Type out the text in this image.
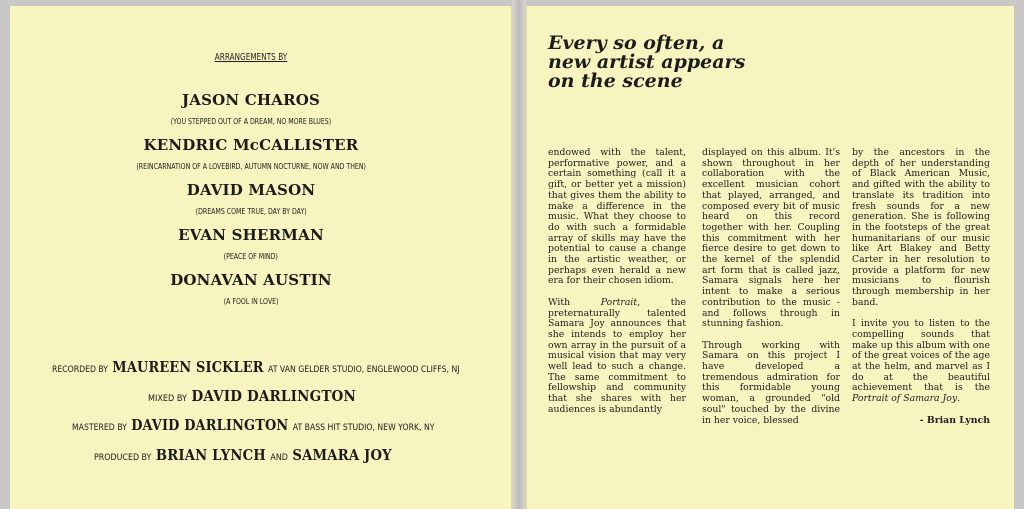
ARRANGEMENTS BY
JASON CHAROS
(YOU STEPPED OUT OF A DREAM, NO MORE BLUES)
KENDRIC McCALLISTER
(REINCARNATION OF A LOVEBIRD, AUTUMN NOCTURNE, NOW AND THEN)
DAVID MASON
(DREAMS COME TRUE, DAY BY DAY)
EVAN SHERMAN
(PEACE OF MIND)
DONAVAN AUSTIN
(A FOOL IN LOVE)
RECORDED BY MAUREEN SICKLER AT VAN GELDER STUDIO, ENGLEWOOD CLIFFS, NJ
MIXED BY DAVID DARLINGTON
MASTERED BY DAVID DARLINGTON AT BASS HIT STUDIO, NEW YORK, NY
PRODUCED BY BRIAN LYNCH AND SAMARA JOY
Every so often, a new artist appears on the scene

endowed with the talent, performative power, and a certain something (call it a gift, or better yet a mission) that gives them the ability to make a difference in the music. What they choose to do with such a formidable array of skills may have the potential to cause a change in the artistic weather, or perhaps even herald a new era for their chosen idiom.

With Portrait, the preternaturally talented Samara Joy announces that she intends to employ her own array in the pursuit of a musical vision that may very well lead to such a change. The same commitment to fellowship and community that she shares with her audiences is abundantly

displayed on this album. It's shown throughout in her collaboration with the excellent musician cohort that played, arranged, and composed every bit of music heard on this record together with her. Coupling this commitment with her fierce desire to get down to the kernel of the splendid art form that is called jazz, Samara signals here her intent to make a serious contribution to the music - and follows through in stunning fashion.

Through working with Samara on this project I have developed a tremendous admiration for this formidable young woman, a grounded "old soul" touched by the divine in her voice, blessed

by the ancestors in the depth of her understanding of Black American Music, and gifted with the ability to translate its tradition into fresh sounds for a new generation. She is following in the footsteps of the great humanitarians of our music like Art Blakey and Betty Carter in her resolution to provide a platform for new musicians to flourish through membership in her band.

I invite you to listen to the compelling sounds that make up this album with one of the great voices of the age at the helm, and marvel as I do at the beautiful achievement that is the Portrait of Samara Joy.

- Brian Lynch
